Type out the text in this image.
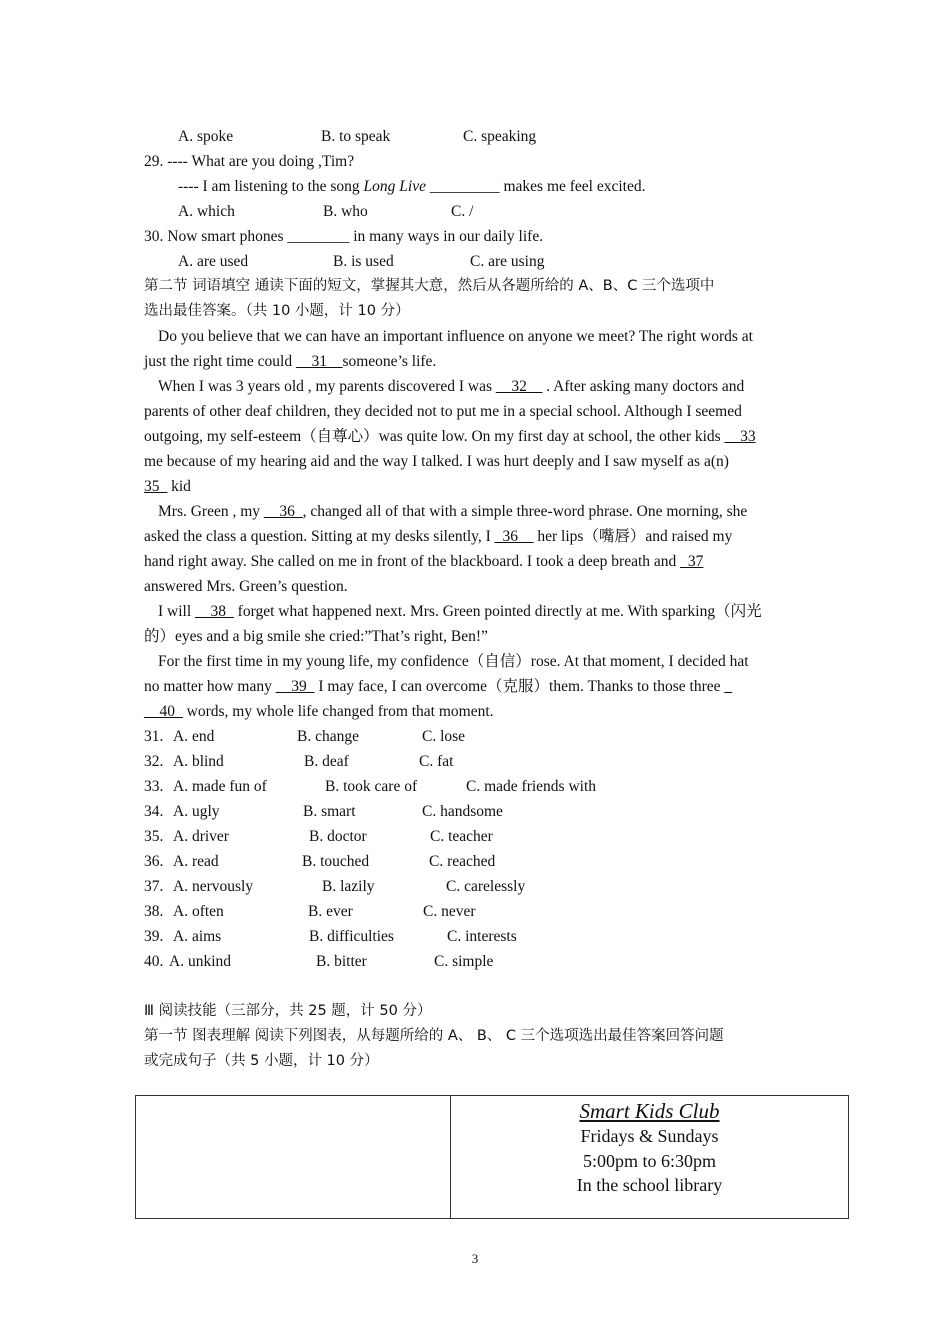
A. spoke	B. to speak	C. speaking
29. ---- What are you doing ,Tim?
---- I am listening to the song Long Live _________ makes me feel excited.
A. which	B. who	C. /
30. Now smart phones ________ in many ways in our daily life.
A. are used	B. is used	C. are using
第二节 词语填空 通读下面的短文，掌握其大意，然后从各题所给的 A、B、C 三个选项中
选出最佳答案。（共 10 小题，计 10 分）
Do you believe that we can have an important influence on anyone we meet? The right words at
just the right time could __31__someone’s life.
When I was 3 years old , my parents discovered I was __32__ . After asking many doctors and
parents of other deaf children, they decided not to put me in a special school. Although I seemed
outgoing, my self-esteem（自尊心）was quite low. On my first day at school, the other kids __33
me because of my hearing aid and the way I talked. I was hurt deeply and I saw myself as a(n)
35_ kid
Mrs. Green , my __36_, changed all of that with a simple three-word phrase. One morning, she
asked the class a question. Sitting at my desks silently, I _36__ her lips（嘴唇）and raised my
hand right away. She called on me in front of the blackboard. I took a deep breath and _37
answered Mrs. Green’s question.
I will __38_ forget what happened next. Mrs. Green pointed directly at me. With sparking（闪光
的）eyes and a big smile she cried:”That’s right, Ben!”
For the first time in my young life, my confidence（自信）rose. At that moment, I decided hat
no matter how many __39_ I may face, I can overcome（克服）them. Thanks to those three _
__40_ words, my whole life changed from that moment.
31. A. end	B. change	C. lose
32. A. blind	B. deaf	C. fat
33. A. made fun of	B. took care of	C. made friends with
34. A. ugly	B. smart	C. handsome
35. A. driver	B. doctor	C. teacher
36. A. read	B. touched	C. reached
37. A. nervously	B. lazily	C. carelessly
38. A. often	B. ever	C. never
39. A. aims	B. difficulties	C. interests
40. A. unkind	B. bitter	C. simple
Ⅲ 阅读技能（三部分，共 25 题，计 50 分）
第一节 图表理解 阅读下列图表，从每题所给的 A、 B、 C 三个选项选出最佳答案回答问题
或完成句子（共 5 小题，计 10 分）

Smart Kids Club
Fridays & Sundays
5:00pm to 6:30pm
In the school library
3
